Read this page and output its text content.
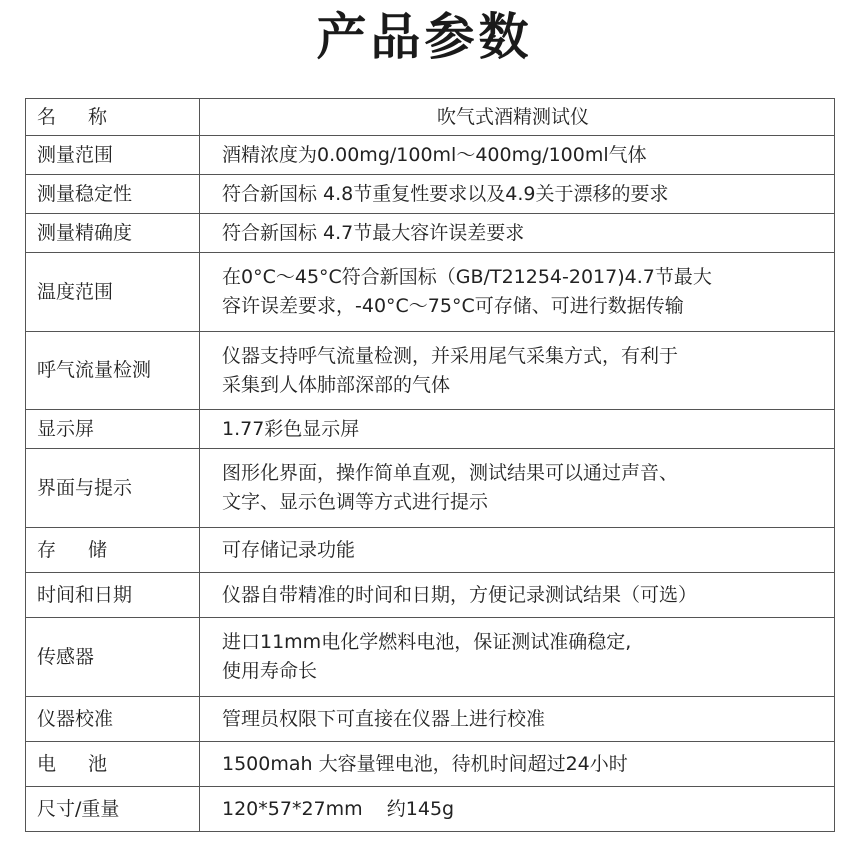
产品参数
名 称	吹气式酒精测试仪

测量范围	酒精浓度为0.00mg/100ml～400mg/100ml气体

测量稳定性	符合新国标 4.8节重复性要求以及4.9关于漂移的要求

测量精确度	符合新国标 4.7节最大容许误差要求

温度范围	在0°C～45°C符合新国标（GB/T21254-2017)4.7节最大
容许误差要求，-40°C～75°C可存储、可进行数据传输

呼气流量检测	仪器支持呼气流量检测，并采用尾气采集方式，有利于
采集到人体肺部深部的气体

显示屏	1.77彩色显示屏

界面与提示	图形化界面，操作简单直观，测试结果可以通过声音、
文字、显示色调等方式进行提示

存 储	可存储记录功能

时间和日期	仪器自带精准的时间和日期，方便记录测试结果（可选）

传感器	进口11mm电化学燃料电池，保证测试准确稳定,
使用寿命长

仪器校准	管理员权限下可直接在仪器上进行校准

电 池	1500mah 大容量锂电池，待机时间超过24小时

尺寸/重量	120*57*27mm    约145g
